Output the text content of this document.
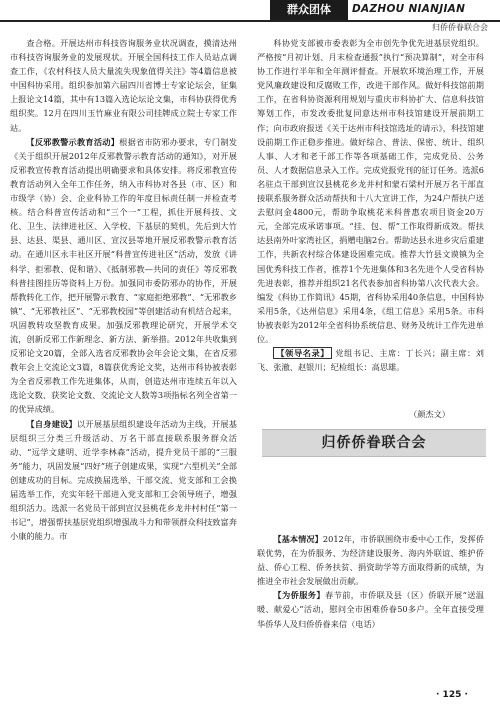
群众团体	DAZHOU NIANJIAN
归侨侨眷联合会

查合格。开展达州市科技咨询服务业状况调查，摸清达州市科技咨询服务业的发展现状。开展全国科技工作人员站点调查工作，《农村科技人员大量流失现象值得关注》等4篇信息被中国科协采用。组织参加第六届四川省博士专家论坛会，征集上报论文14篇，其中有13篇入选论坛论文集，市科协获得优秀组织奖。12月在四川玉竹麻业有限公司挂牌成立院士专家工作站。

【反邪教警示教育活动】根据省市防邪办要求，专门制发《关于组织开展2012年反邪教警示教育活动的通知》，对开展反邪教宣传教育活动提出明确要求和具体安排。将反邪教宣传教育活动列入全年工作任务，纳入市科协对各县（市、区）和市级学（协）会、企业科协工作的年度目标责任制一并检查考核。结合科普宣传活动和“三个一”工程，抓住开展科技、文化、卫生、法律进社区、入学校、下基层的契机，先后到大竹县、达县、渠县、通川区、宣汉县等地开展反邪教警示教育活动。在通川区永丰社区开展“科普宣传进社区”活动，发放《讲科学、拒邪教、促和谐》、《抵制邪教—共同的责任》等反邪教科普挂图挂历等资料上万份。加强同市委防邪办的协作，开展帮教转化工作，把开展警示教育、“家庭拒绝邪教”、“无邪教乡镇”、“无邪教社区”、“无邪教校园”等创建活动有机结合起来，巩固教转攻坚教育成果。加强反邪教理论研究，开展学术交流，创新反邪工作新理念、新方法、新举措。2012年共收集到反邪论文20篇，全部入选省反邪教协会年会论文集，在省反邪教年会上交流论文3篇，8篇获优秀论文奖，达州市科协被表彰为全省反邪教工作先进集体，从而，创造达州市连续五年以入选论文数、获奖论文数、交流论文人数等3项指标名列全省第一的优异成绩。

【自身建设】以开展基层组织建设年活动为主线，开展基层组织三分类三升级活动、万名干部直接联系服务群众活动、“远学文建明、近学李林森”活动，提升党员干部的“三服务”能力，巩固发展“四好”班子创建成果，实现“六型机关”全部创建成功的目标。完成换届选举、干部交流、党支部和工会换届选举工作，充实年轻干部进入党支部和工会领导班子，增强组织活力。选派一名党员干部到宣汉县桃花乡龙井村村任“第一书记”，增强帮扶基层党组织增强战斗力和带领群众科技致富奔小康的能力。市

科协党支部被市委表彰为全市创先争优先进基层党组织。严格按“月初计划、月末检查通报”执行“预决算制”，对全市科协工作进行半年和全年测评督查。开展软环境治理工作，开展党风廉政建设和反腐败工作，改进干部作风。做好科技馆前期工作，在省科协资源利用规划与重庆市科协扩大、信息科技馆筹划工作，市发改委批复同意达州市科技馆建设开展前期工作；向市政府报送《关于达州市科技馆选址的请示》，科技馆建设前期工作正稳步推进。做好综合、普法、保密、统计、组织人事、人才和老干部工作等各项基础工作，完成党员、公务员、人才数据信息录入工作。完成党报党刊的征订任务。选派6名驻点干部到宣汉县桃花乡龙井村和蒙石梁村开展万名干部直接联系服务群众活动帮扶和十八大宣讲工作，为24户帮扶户送去慰问金4800元，帮助争取桃花米科普惠农项目资金20万元，全部完成承诺事项。“挂、包、帮”工作取得新成效。帮扶达县南外叶家湾社区，捐赠电脑2台。帮助达县永进乡灾后重建工作，共新农村综合体建设困难完成。推荐大竹县文谟镇为全国优秀科技工作者，推荐1个先进集体和3名先进个人受省科协先进表彰，推荐并组织21名代表参加省科协第八次代表大会。编发《科协工作简讯》45期，省科协采用40条信息，中国科协采用5条，《达州信息》采用4条，《组工信息》采用5条。市科协被表彰为2012年全省科协系统信息、财务及统计工作先进单位。

【领导名录】 党组书记、主席：丁长兴；副主席：刘飞、张澈、赵银川；纪检组长：高思雄。

【基本情况】2012年，市侨联围绕市委中心工作，发挥侨联优势，在为侨服务、为经济建设服务、海内外联谊、维护侨益、侨心工程、侨务扶贫、捐资助学等方面取得新的成绩，为推进全市社会发展做出贡献。

【为侨服务】春节前，市侨联及县（区）侨联开展“送温暖、献爱心”活动，慰问全市困难侨眷50多户。全年直接受理华侨华人及归侨侨眷来信（电话）

（颜杰文）
归侨侨眷联合会
· 125 ·
